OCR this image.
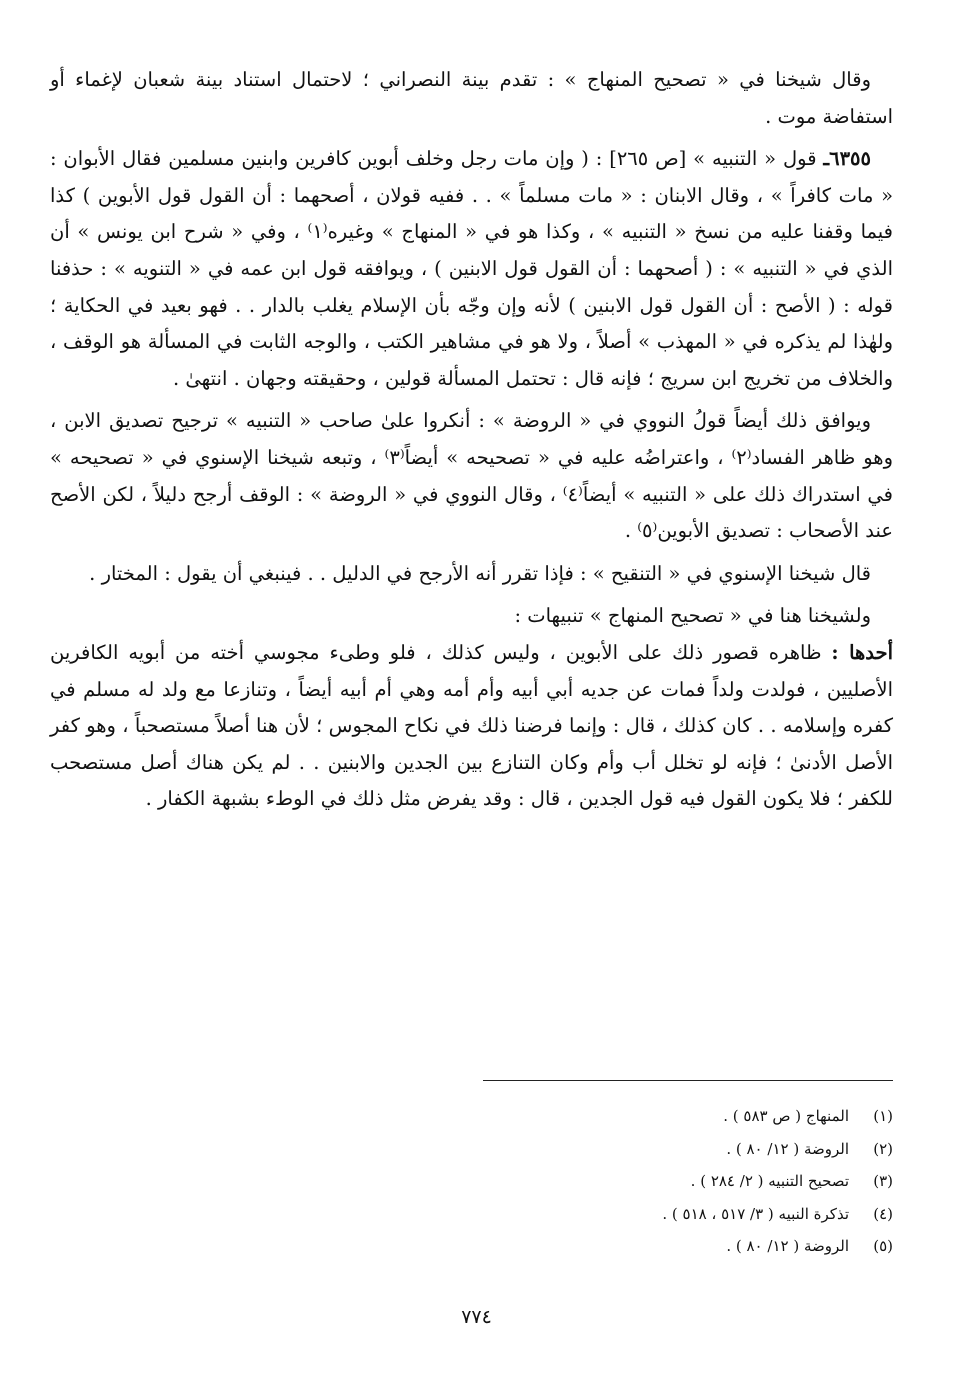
وقال شيخنا في « تصحيح المنهاج » : تقدم بينة النصراني ؛ لاحتمال استناد بينة شعبان لإغماء أو استفاضة موت .

٦٣٥٥ـ قول « التنبيه » [ص ٢٦٥] : ( وإن مات رجل وخلف أبوين كافرين وابنين مسلمين فقال الأبوان : « مات كافراً » ، وقال الابنان : « مات مسلماً » . . ففيه قولان ، أصحهما : أن القول قول الأبوين ) كذا فيما وقفنا عليه من نسخ « التنبيه » ، وكذا هو في « المنهاج » وغيره⁽١⁾ ، وفي « شرح ابن يونس » أن الذي في « التنبيه » : ( أصحهما : أن القول قول الابنين ) ، ويوافقه قول ابن عمه في « التنويه » : حذفنا قوله : ( الأصح : أن القول قول الابنين ) لأنه وإن وجّه بأن الإسلام يغلب بالدار . . فهو بعيد في الحكاية ؛ ولهٰذا لم يذكره في « المهذب » أصلاً ، ولا هو في مشاهير الكتب ، والوجه الثابت في المسألة هو الوقف ، والخلاف من تخريج ابن سريج ؛ فإنه قال : تحتمل المسألة قولين ، وحقيقته وجهان . انتهىٰ .

ويوافق ذلك أيضاً قولُ النووي في « الروضة » : أنكروا علىٰ صاحب « التنبيه » ترجيح تصديق الابن ، وهو ظاهر الفساد⁽٢⁾ ، واعتراضُه عليه في « تصحيحه » أيضاً⁽٣⁾ ، وتبعه شيخنا الإسنوي في « تصحيحه » في استدراك ذلك على « التنبيه » أيضاً⁽٤⁾ ، وقال النووي في « الروضة » : الوقف أرجح دليلاً ، لكن الأصح عند الأصحاب : تصديق الأبوين⁽٥⁾ .

قال شيخنا الإسنوي في « التنقيح » : فإذا تقرر أنه الأرجح في الدليل . . فينبغي أن يقول : المختار .

ولشيخنا هنا في « تصحيح المنهاج » تنبيهات :

أحدها : ظاهره قصور ذلك على الأبوين ، وليس كذلك ، فلو وطىء مجوسي أخته من أبويه الكافرين الأصليين ، فولدت ولداً فمات عن جديه أبي أبيه وأم أمه وهي أم أبيه أيضاً ، وتنازعا مع ولد له مسلم في كفره وإسلامه . . كان كذلك ، قال : وإنما فرضنا ذلك في نكاح المجوس ؛ لأن هنا أصلاً مستصحباً ، وهو كفر الأصل الأدنىٰ ؛ فإنه لو تخلل أب وأم وكان التنازع بين الجدين والابنين . . لم يكن هناك أصل مستصحب للكفر ؛ فلا يكون القول فيه قول الجدين ، قال : وقد يفرض مثل ذلك في الوطء بشبهة الكفار .

(١)المنهاج ( ص ٥٨٣ ) .
(٢)الروضة ( ١٢/ ٨٠ ) .
(٣)تصحيح التنبيه ( ٢/ ٢٨٤ ) .
(٤)تذكرة النبيه ( ٣/ ٥١٧ ، ٥١٨ ) .
(٥)الروضة ( ١٢/ ٨٠ ) .
٧٧٤
